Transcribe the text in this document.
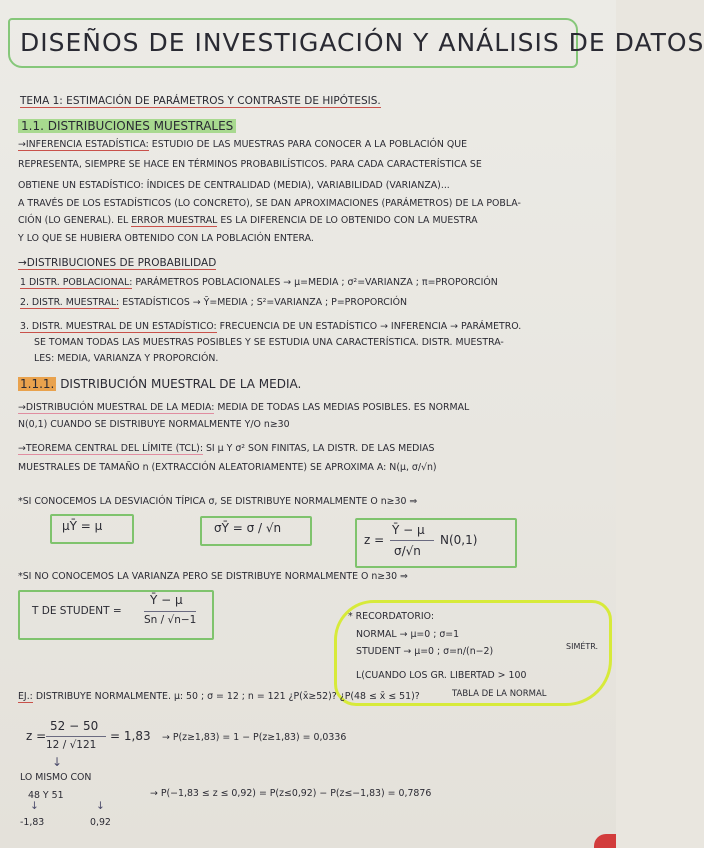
DISEÑOS DE INVESTIGACIÓN Y ANÁLISIS DE DATOS
TEMA 1: ESTIMACIÓN DE PARÁMETROS Y CONTRASTE DE HIPÓTESIS.
1.1. DISTRIBUCIONES MUESTRALES
→INFERENCIA ESTADÍSTICA: ESTUDIO DE LAS MUESTRAS PARA CONOCER A LA POBLACIÓN QUE
REPRESENTA, SIEMPRE SE HACE EN TÉRMINOS PROBABILÍSTICOS. PARA CADA CARACTERÍSTICA SE
OBTIENE UN ESTADÍSTICO: ÍNDICES DE CENTRALIDAD (MEDIA), VARIABILIDAD (VARIANZA)...
A TRAVÉS DE LOS ESTADÍSTICOS (LO CONCRETO), SE DAN APROXIMACIONES (PARÁMETROS) DE LA POBLA-
CIÓN (LO GENERAL). EL ERROR MUESTRAL ES LA DIFERENCIA DE LO OBTENIDO CON LA MUESTRA
Y LO QUE SE HUBIERA OBTENIDO CON LA POBLACIÓN ENTERA.
→DISTRIBUCIONES DE PROBABILIDAD
1 DISTR. POBLACIONAL: PARÁMETROS POBLACIONALES → μ=MEDIA ; σ²=VARIANZA ; π=PROPORCIÓN
2. DISTR. MUESTRAL: ESTADÍSTICOS → Ȳ=MEDIA ; S²=VARIANZA ; P=PROPORCIÓN
3. DISTR. MUESTRAL DE UN ESTADÍSTICO: FRECUENCIA DE UN ESTADÍSTICO → INFERENCIA → PARÁMETRO.
SE TOMAN TODAS LAS MUESTRAS POSIBLES Y SE ESTUDIA UNA CARACTERÍSTICA. DISTR. MUESTRA-
LES: MEDIA, VARIANZA Y PROPORCIÓN.
1.1.1. DISTRIBUCIÓN MUESTRAL DE LA MEDIA.
→DISTRIBUCIÓN MUESTRAL DE LA MEDIA: MEDIA DE TODAS LAS MEDIAS POSIBLES. ES NORMAL
N(0,1) CUANDO SE DISTRIBUYE NORMALMENTE Y/O n≥30
→TEOREMA CENTRAL DEL LÍMITE (TCL): SI μ Y σ² SON FINITAS, LA DISTR. DE LAS MEDIAS
MUESTRALES DE TAMAÑO n (EXTRACCIÓN ALEATORIAMENTE) SE APROXIMA A: N(μ, σ/√n)
*SI CONOCEMOS LA DESVIACIÓN TÍPICA σ, SE DISTRIBUYE NORMALMENTE O n≥30 ⇒
μȲ = μ	σȲ = σ / √n
z =
Ȳ − μ
σ/√n
N(0,1)
*SI NO CONOCEMOS LA VARIANZA PERO SE DISTRIBUYE NORMALMENTE O n≥30 ⇒
T DE STUDENT =
Ȳ − μ
Sn / √n−1	* RECORDATORIO:
NORMAL → μ=0 ; σ=1
STUDENT → μ=0 ; σ=n/(n−2)	SIMÉTR.
L(CUANDO LOS GR. LIBERTAD > 100
TABLA DE LA NORMAL
EJ.: DISTRIBUYE NORMALMENTE. μ: 50 ; σ = 12 ; n = 121 ¿P(x̄≥52)? ¿P(48 ≤ x̄ ≤ 51)?
z =
52 − 50
12 / √121
= 1,83 → P(z≥1,83) = 1 − P(z≥1,83) = 0,0336
↓
LO MISMO CON
48 Y 51
↓	↓
-1,83	0,92
→ P(−1,83 ≤ z ≤ 0,92) = P(z≤0,92) − P(z≤−1,83) = 0,7876
